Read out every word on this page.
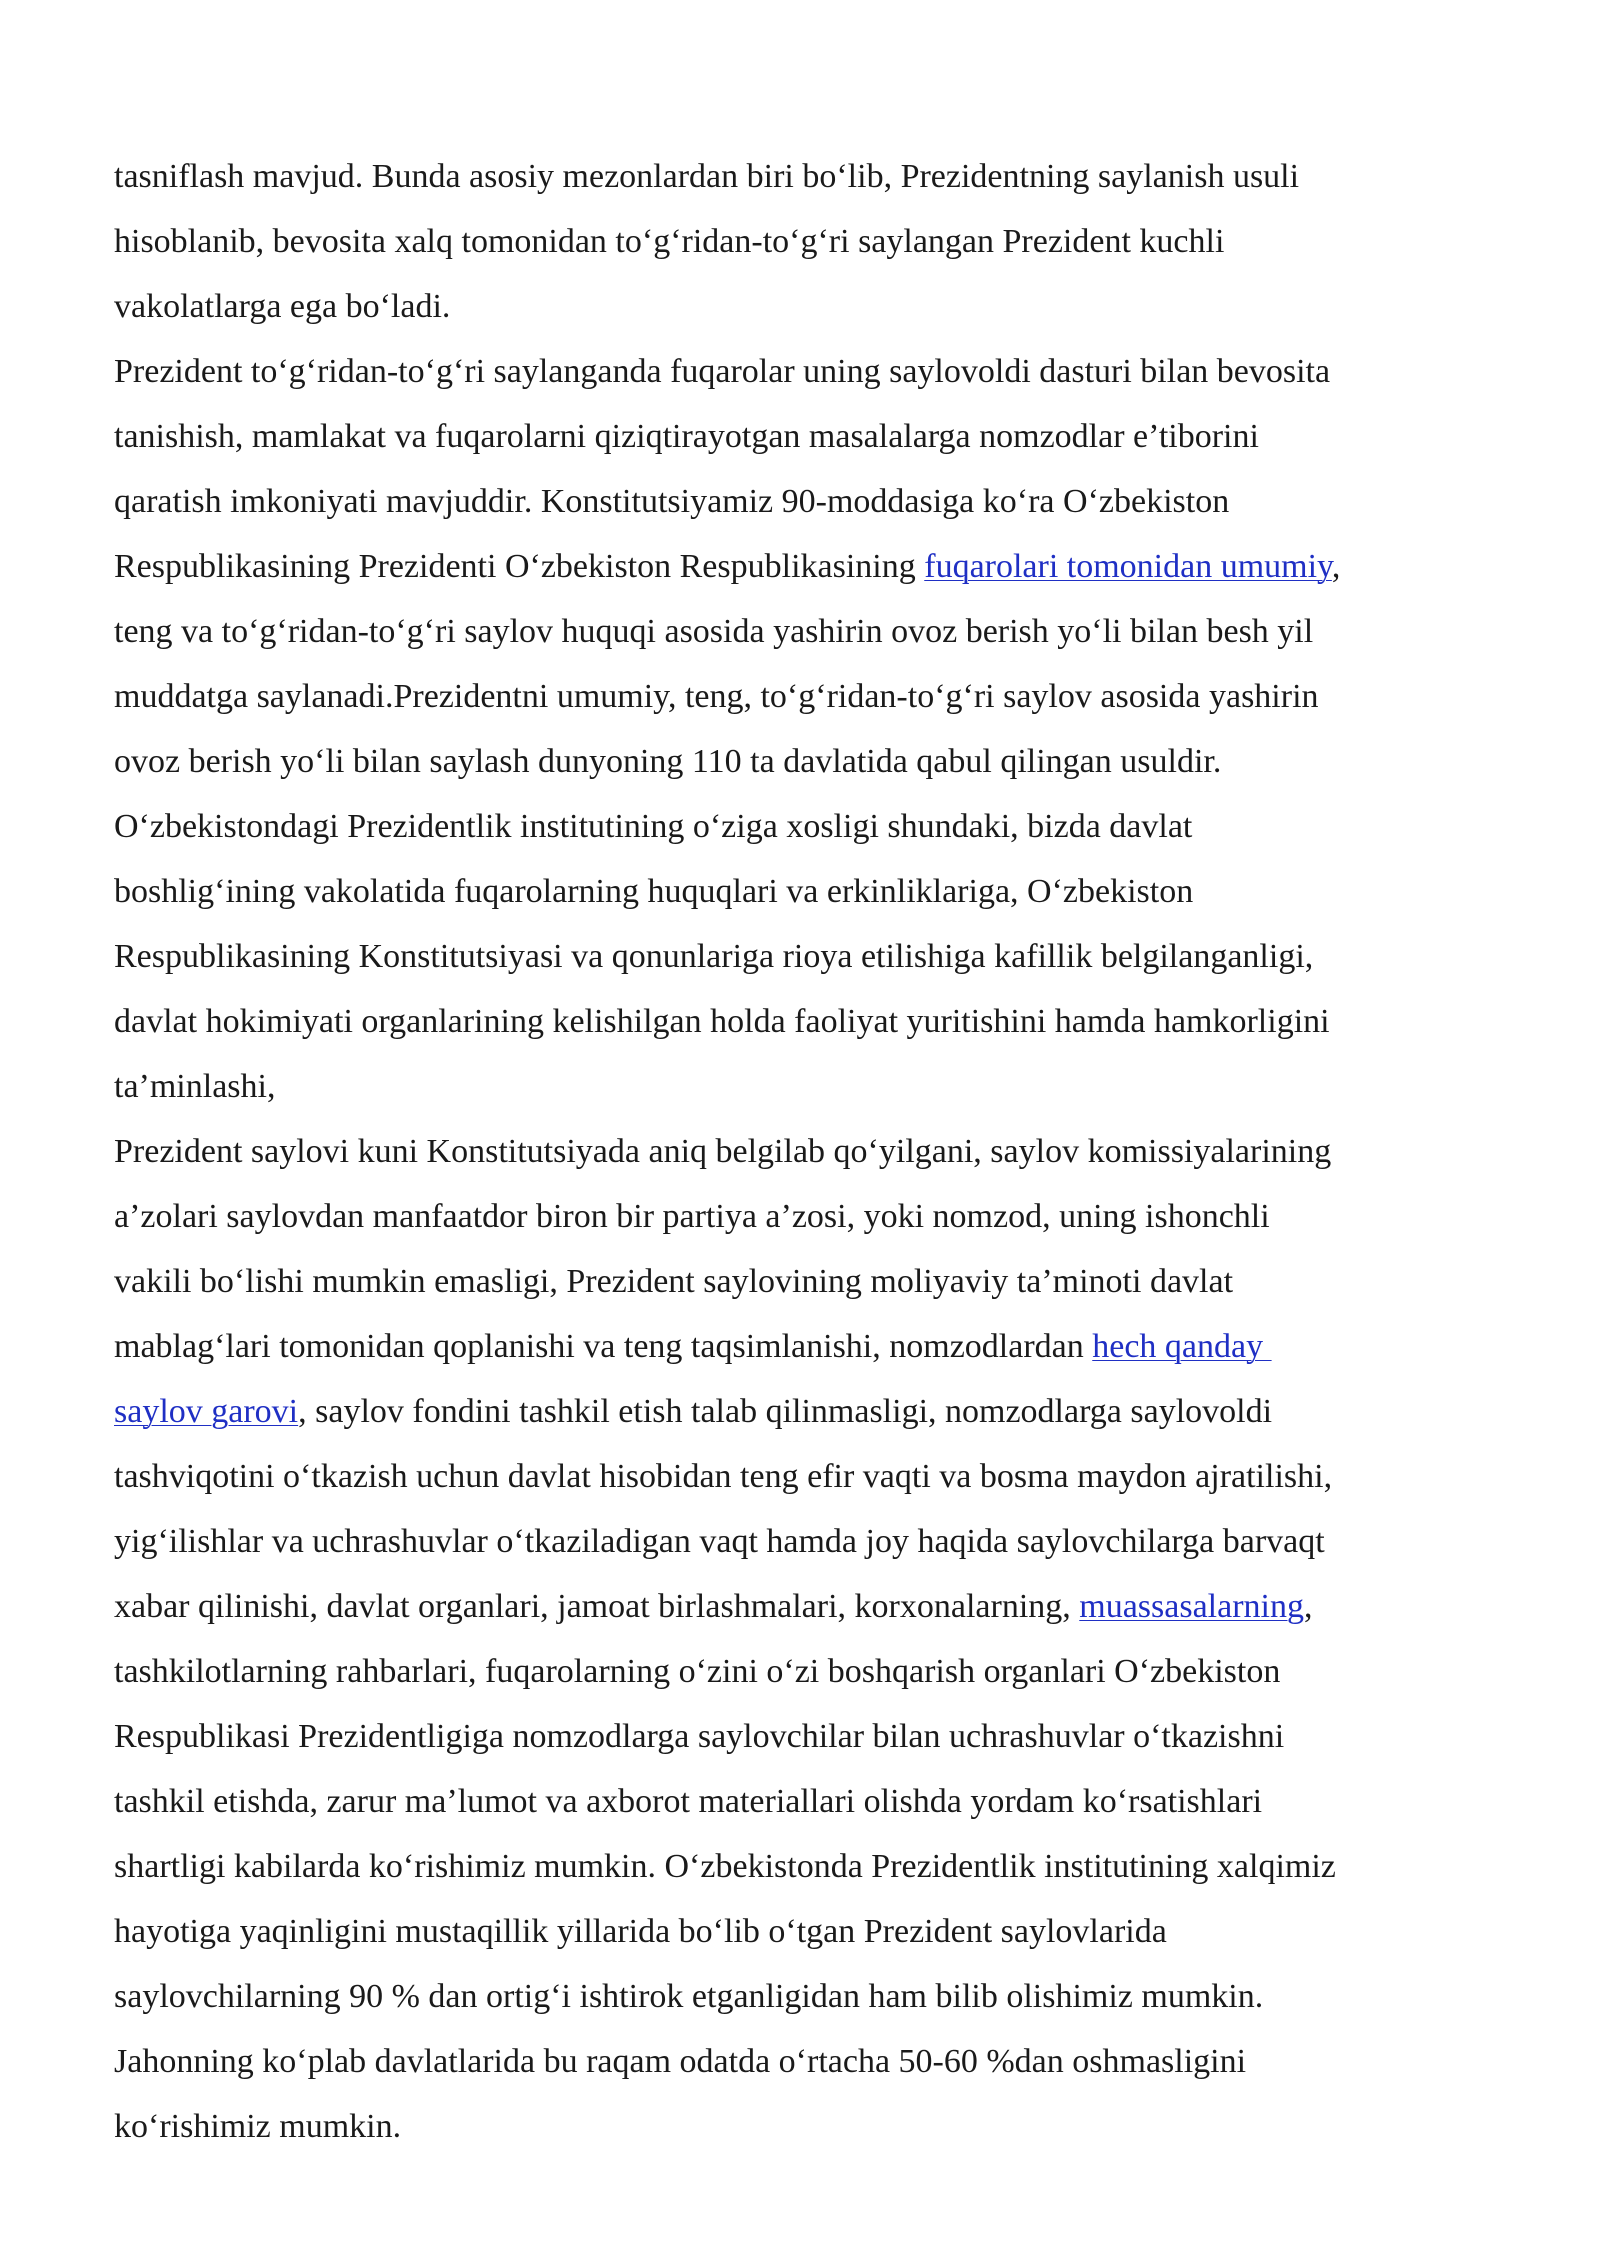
tasniflash mavjud. Bunda asosiy mezonlardan biri boʻlib, Prezidentning saylanish usuli
hisoblanib, bevosita xalq tomonidan toʻgʻridan-toʻgʻri saylangan Prezident kuchli
vakolatlarga ega boʻladi.
Prezident toʻgʻridan-toʻgʻri saylanganda fuqarolar uning saylovoldi dasturi bilan bevosita
tanishish, mamlakat va fuqarolarni qiziqtirayotgan masalalarga nomzodlar e’tiborini
qaratish imkoniyati mavjuddir. Konstitutsiyamiz 90-moddasiga koʻra Oʻzbekiston
Respublikasining Prezidenti Oʻzbekiston Respublikasining fuqarolari tomonidan umumiy,
teng va toʻgʻridan-toʻgʻri saylov huquqi asosida yashirin ovoz berish yoʻli bilan besh yil
muddatga saylanadi.Prezidentni umumiy, teng, toʻgʻridan-toʻgʻri saylov asosida yashirin
ovoz berish yoʻli bilan saylash dunyoning 110 ta davlatida qabul qilingan usuldir.
Oʻzbekistondagi Prezidentlik institutining oʻziga xosligi shundaki, bizda davlat
boshligʻining vakolatida fuqarolarning huquqlari va erkinliklariga, Oʻzbekiston
Respublikasining Konstitutsiyasi va qonunlariga rioya etilishiga kafillik belgilanganligi,
davlat hokimiyati organlarining kelishilgan holda faoliyat yuritishini hamda hamkorligini
ta’minlashi,
Prezident saylovi kuni Konstitutsiyada aniq belgilab qoʻyilgani, saylov komissiyalarining
a’zolari saylovdan manfaatdor biron bir partiya a’zosi, yoki nomzod, uning ishonchli
vakili boʻlishi mumkin emasligi, Prezident saylovining moliyaviy ta’minoti davlat
mablagʻlari tomonidan qoplanishi va teng taqsimlanishi, nomzodlardan hech qanday
saylov garovi, saylov fondini tashkil etish talab qilinmasligi, nomzodlarga saylovoldi
tashviqotini oʻtkazish uchun davlat hisobidan teng efir vaqti va bosma maydon ajratilishi,
yigʻilishlar va uchrashuvlar oʻtkaziladigan vaqt hamda joy haqida saylovchilarga barvaqt
xabar qilinishi, davlat organlari, jamoat birlashmalari, korxonalarning, muassasalarning,
tashkilotlarning rahbarlari, fuqarolarning oʻzini oʻzi boshqarish organlari Oʻzbekiston
Respublikasi Prezidentligiga nomzodlarga saylovchilar bilan uchrashuvlar oʻtkazishni
tashkil etishda, zarur ma’lumot va axborot materiallari olishda yordam koʻrsatishlari
shartligi kabilarda koʻrishimiz mumkin. Oʻzbekistonda Prezidentlik institutining xalqimiz
hayotiga yaqinligini mustaqillik yillarida boʻlib oʻtgan Prezident saylovlarida
saylovchilarning 90 % dan ortigʻi ishtirok etganligidan ham bilib olishimiz mumkin.
Jahonning koʻplab davlatlarida bu raqam odatda oʻrtacha 50-60 %dan oshmasligini
koʻrishimiz mumkin.
